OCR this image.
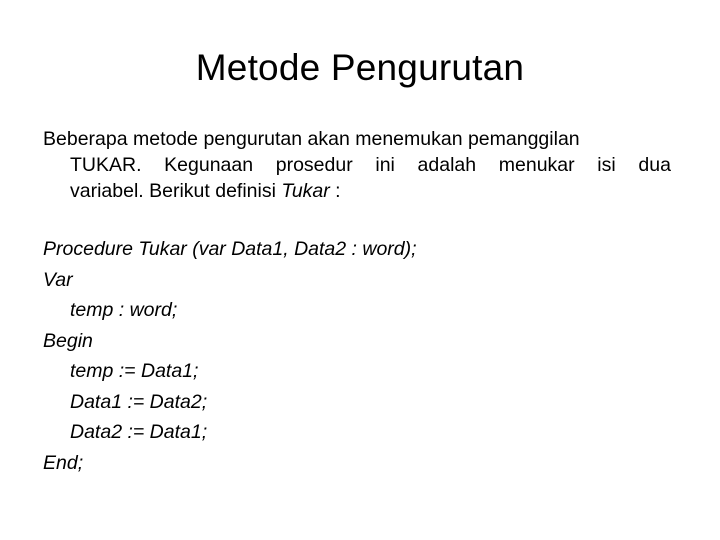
Metode Pengurutan
Beberapa metode pengurutan akan menemukan pemanggilan
TUKAR. Kegunaan prosedur ini adalah menukar isi dua
variabel. Berikut definisi Tukar :
Procedure Tukar (var Data1, Data2 : word);
Var
temp : word;
Begin
temp := Data1;
Data1 := Data2;
Data2 := Data1;
End;
